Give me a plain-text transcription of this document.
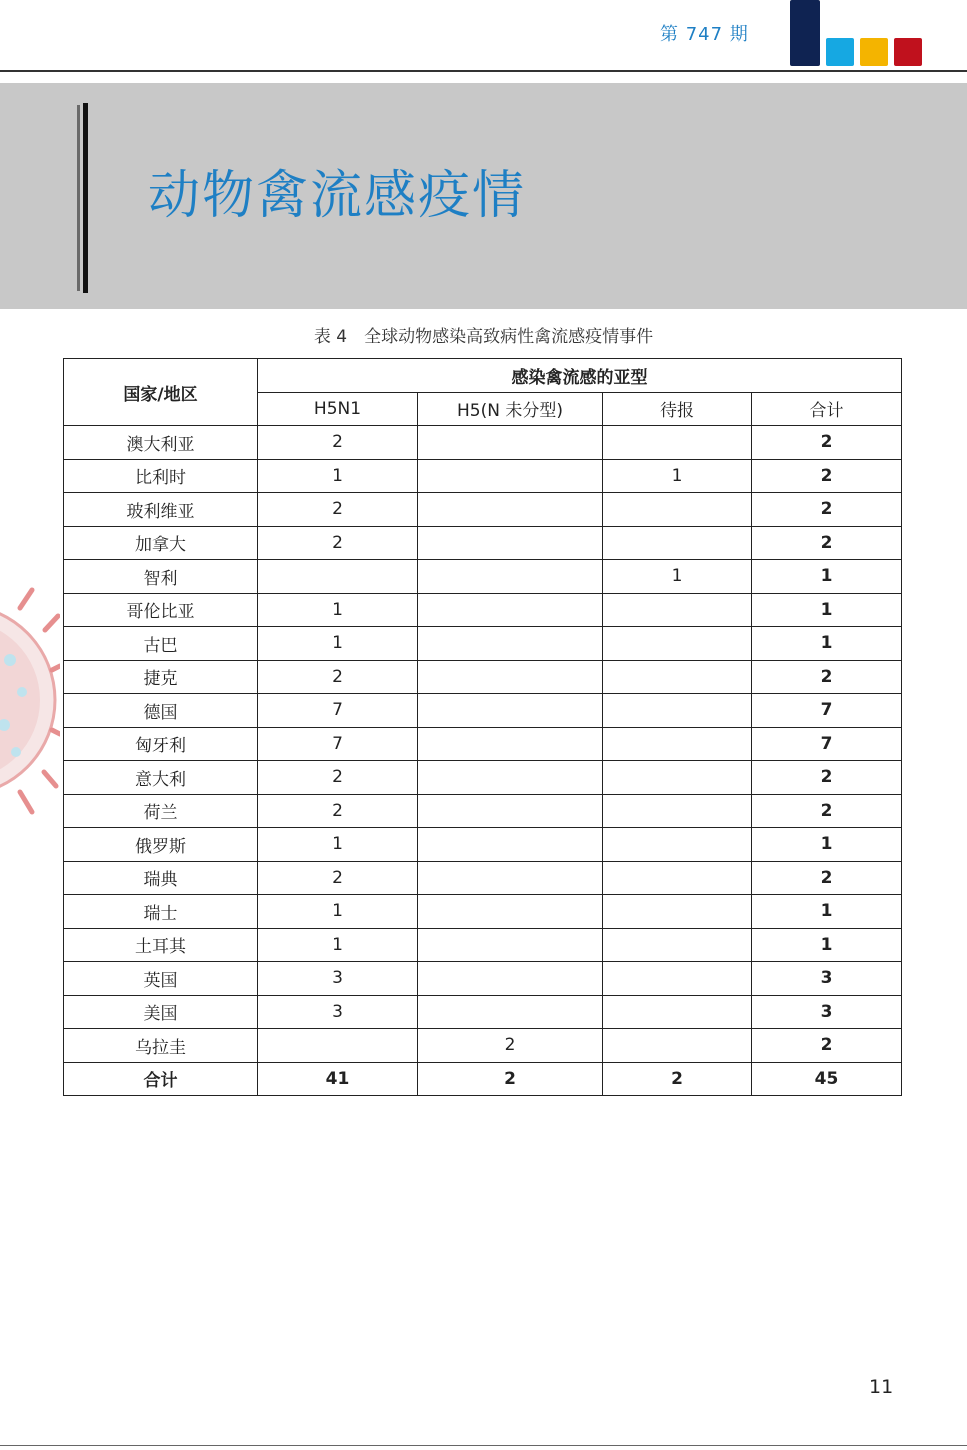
第 747 期
动物禽流感疫情
表 4　全球动物感染高致病性禽流感疫情事件
国家/地区	感染禽流感的亚型			
	H5N1	H5(N 未分型)	待报	合计
澳大利亚	2			2
比利时	1		1	2
玻利维亚	2			2
加拿大	2			2
智利			1	1
哥伦比亚	1			1
古巴	1			1
捷克	2			2
德国	7			7
匈牙利	7			7
意大利	2			2
荷兰	2			2
俄罗斯	1			1
瑞典	2			2
瑞士	1			1
土耳其	1			1
英国	3			3
美国	3			3
乌拉圭		2		2
合计	41	2	2	45
11
